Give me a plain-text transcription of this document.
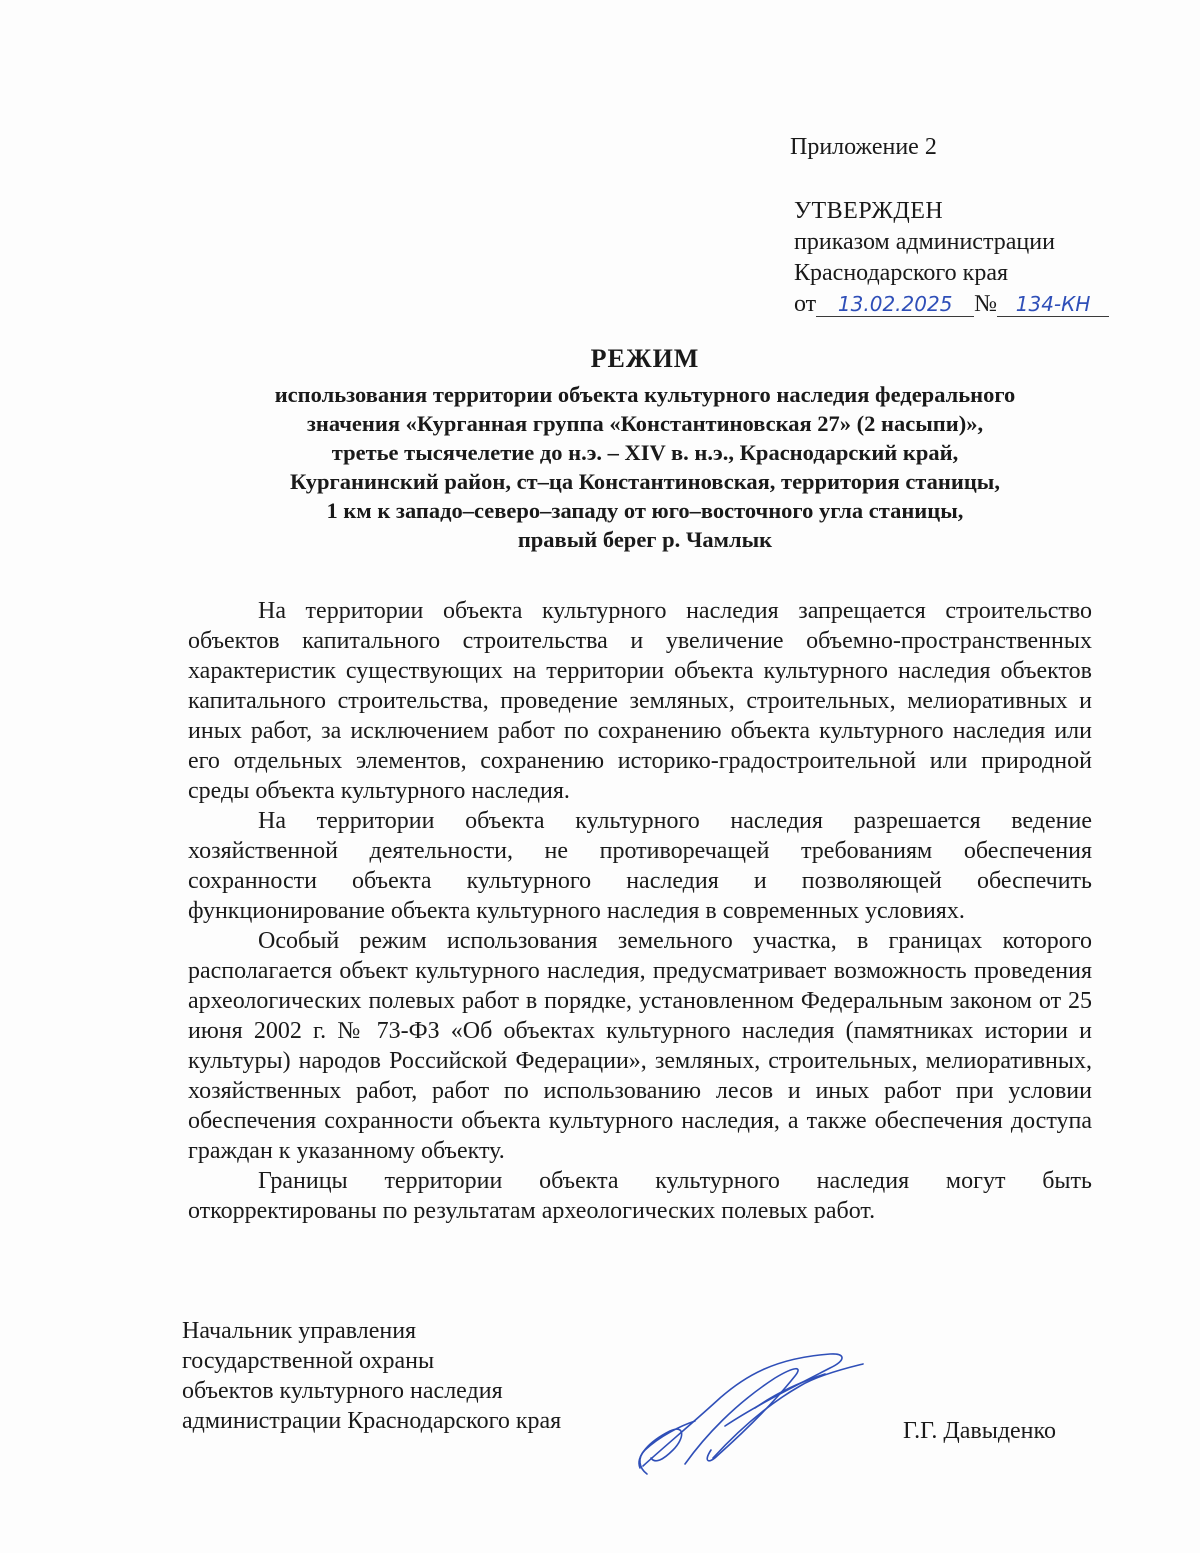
Приложение 2
УТВЕРЖДЕН
приказом администрации
Краснодарского края
от 13.02.2025 № 134-КН
РЕЖИМ
использования территории объекта культурного наследия федерального
значения «Курганная группа «Константиновская 27» (2 насыпи)»,
третье тысячелетие до н.э. – XIV в. н.э., Краснодарский край,
Курганинский район, ст–ца Константиновская, территория станицы,
1 км к западо–северо–западу от юго–восточного угла станицы,
правый берег р. Чамлык

На территории объекта культурного наследия запрещается строительство объектов капитального строительства и увеличение объемно-пространственных характеристик существующих на территории объекта культурного наследия объектов капитального строительства, проведение земляных, строительных, мелиоративных и иных работ, за исключением работ по сохранению объекта культурного наследия или его отдельных элементов, сохранению историко-градостроительной или природной среды объекта культурного наследия.

На территории объекта культурного наследия разрешается ведение хозяйственной деятельности, не противоречащей требованиям обеспечения сохранности объекта культурного наследия и позволяющей обеспечить функционирование объекта культурного наследия в современных условиях.

Особый режим использования земельного участка, в границах которого располагается объект культурного наследия, предусматривает возможность проведения археологических полевых работ в порядке, установленном Федеральным законом от 25 июня 2002 г. № 73-ФЗ «Об объектах культурного наследия (памятниках истории и культуры) народов Российской Федерации», земляных, строительных, мелиоративных, хозяйственных работ, работ по использованию лесов и иных работ при условии обеспечения сохранности объекта культурного наследия, а также обеспечения доступа граждан к указанному объекту.

Границы территории объекта культурного наследия могут быть откорректированы по результатам археологических полевых работ.

Начальник управления
государственной охраны
объектов культурного наследия
администрации Краснодарского края	Г.Г. Давыденко
